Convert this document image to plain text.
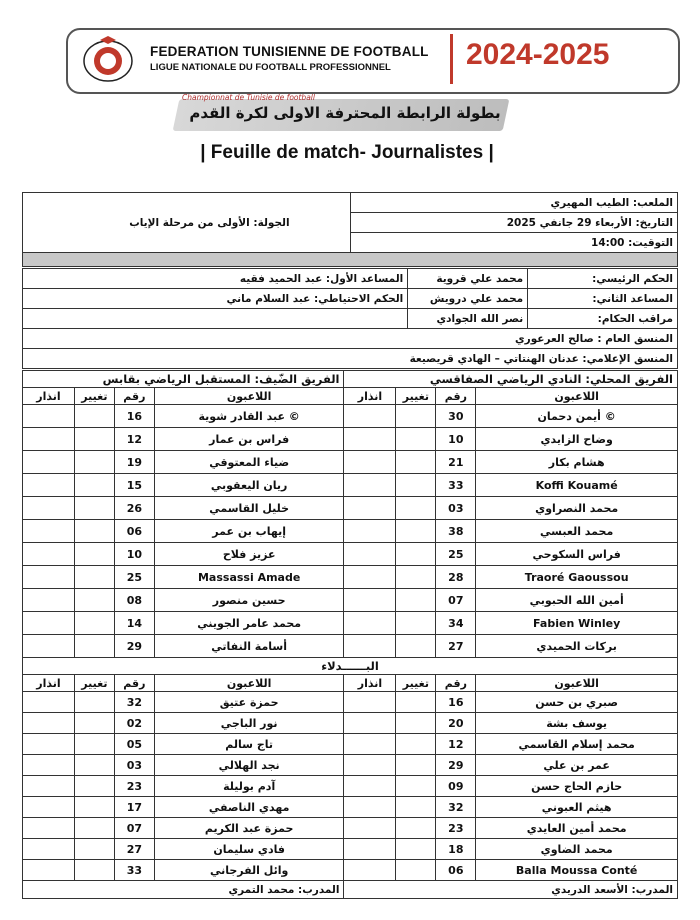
FEDERATION TUNISIENNE DE FOOTBALL
LIGUE NATIONALE DU FOOTBALL PROFESSIONNEL	2024-2025
Championnat de Tunisie de football
بطولة الرابطة المحترفة الاولى لكرة القدم
| Feuille de match- Journalistes |
الجولة: الأولى من مرحلة الإياب	الملعب: الطيب المهيري
التاريخ: الأربعاء 29 جانفي 2025
التوقيت: 14:00

المساعد الأول: عبد الحميد فقيه	محمد علي قروية	الحكم الرئيسي:
الحكم الاحتياطي: عبد السلام ماني	محمد علي درويش	المساعد الثاني:
	نصر الله الجوادي	مراقب الحكام:
المنسق العام : صالح العرعوري		
المنسق الإعلامي: عدنان الهنتاتي – الهادي قريصيعة		
الفريق الضّيف: المستقبل الرياضي بقابس				الفريق المحلي: النادي الرياضي الصفاقسي			
انذار	تغيير	رقم	اللاعبون	انذار	تغيير	رقم	اللاعبون
		16	عبد القادر شوية ©			30	أيمن دحمان ©
		12	فراس بن عمار			10	وضاح الزايدي
		19	ضياء المعتوقي			21	هشام بكار
		15	ريان اليعقوبي			33	Koffi Kouamé
		26	خليل القاسمي			03	محمد النصراوي
		06	إيهاب بن عمر			38	محمد العبسي
		10	عزيز فلاح			25	فراس السكوحي
		25	Massassi Amade			28	Traoré Gaoussou
		08	حسين منصور			07	أمين الله الحبوبي
		14	محمد عامر الجويني			34	Fabien Winley
		29	أسامة النفاتي			27	بركات الحميدي
البــــــدلاء							
انذار	تغيير	رقم	اللاعبون	انذار	تغيير	رقم	اللاعبون
		32	حمزة عتيق			16	صبري بن حسن
		02	نور الباجي			20	يوسف بشة
		05	تاج سالم			12	محمد إسلام القاسمي
		03	نجد الهلالي			29	عمر بن علي
		23	آدم بوليلة			09	حازم الحاج حسن
		17	مهدي الناصفي			32	هيثم العبوني
		07	حمزة عبد الكريم			23	محمد أمين العايدي
		27	فادي سليمان			18	محمد الضاوي
		33	وائل الفرجاني			06	Balla Moussa Conté
المدرب: محمد التمري				المدرب: الأسعد الدريدي			
